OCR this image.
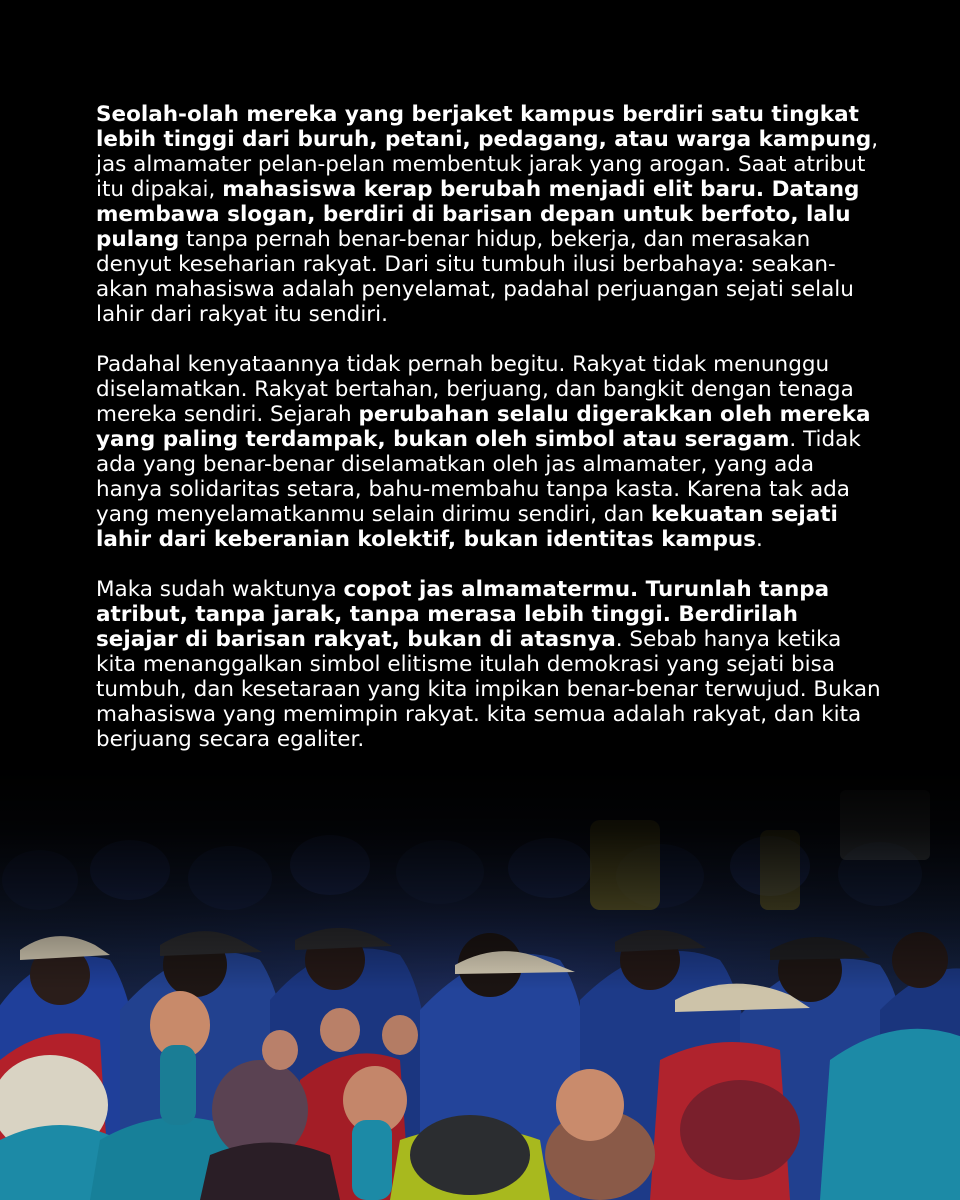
Seolah-olah mereka yang berjaket kampus berdiri satu tingkat lebih tinggi dari buruh, petani, pedagang, atau warga kampung, jas almamater pelan-pelan membentuk jarak yang arogan. Saat atribut itu dipakai, mahasiswa kerap berubah menjadi elit baru. Datang membawa slogan, berdiri di barisan depan untuk berfoto, lalu pulang tanpa pernah benar-benar hidup, bekerja, dan merasakan denyut keseharian rakyat. Dari situ tumbuh ilusi berbahaya: seakan-akan mahasiswa adalah penyelamat, padahal perjuangan sejati selalu lahir dari rakyat itu sendiri.

Padahal kenyataannya tidak pernah begitu. Rakyat tidak menunggu diselamatkan. Rakyat bertahan, berjuang, dan bangkit dengan tenaga mereka sendiri. Sejarah perubahan selalu digerakkan oleh mereka yang paling terdampak, bukan oleh simbol atau seragam. Tidak ada yang benar-benar diselamatkan oleh jas almamater, yang ada hanya solidaritas setara, bahu-membahu tanpa kasta. Karena tak ada yang menyelamatkanmu selain dirimu sendiri, dan kekuatan sejati lahir dari keberanian kolektif, bukan identitas kampus.

Maka sudah waktunya copot jas almamatermu. Turunlah tanpa atribut, tanpa jarak, tanpa merasa lebih tinggi. Berdirilah sejajar di barisan rakyat, bukan di atasnya. Sebab hanya ketika kita menanggalkan simbol elitisme itulah demokrasi yang sejati bisa tumbuh, dan kesetaraan yang kita impikan benar-benar terwujud. Bukan mahasiswa yang memimpin rakyat. kita semua adalah rakyat, dan kita berjuang secara egaliter.
